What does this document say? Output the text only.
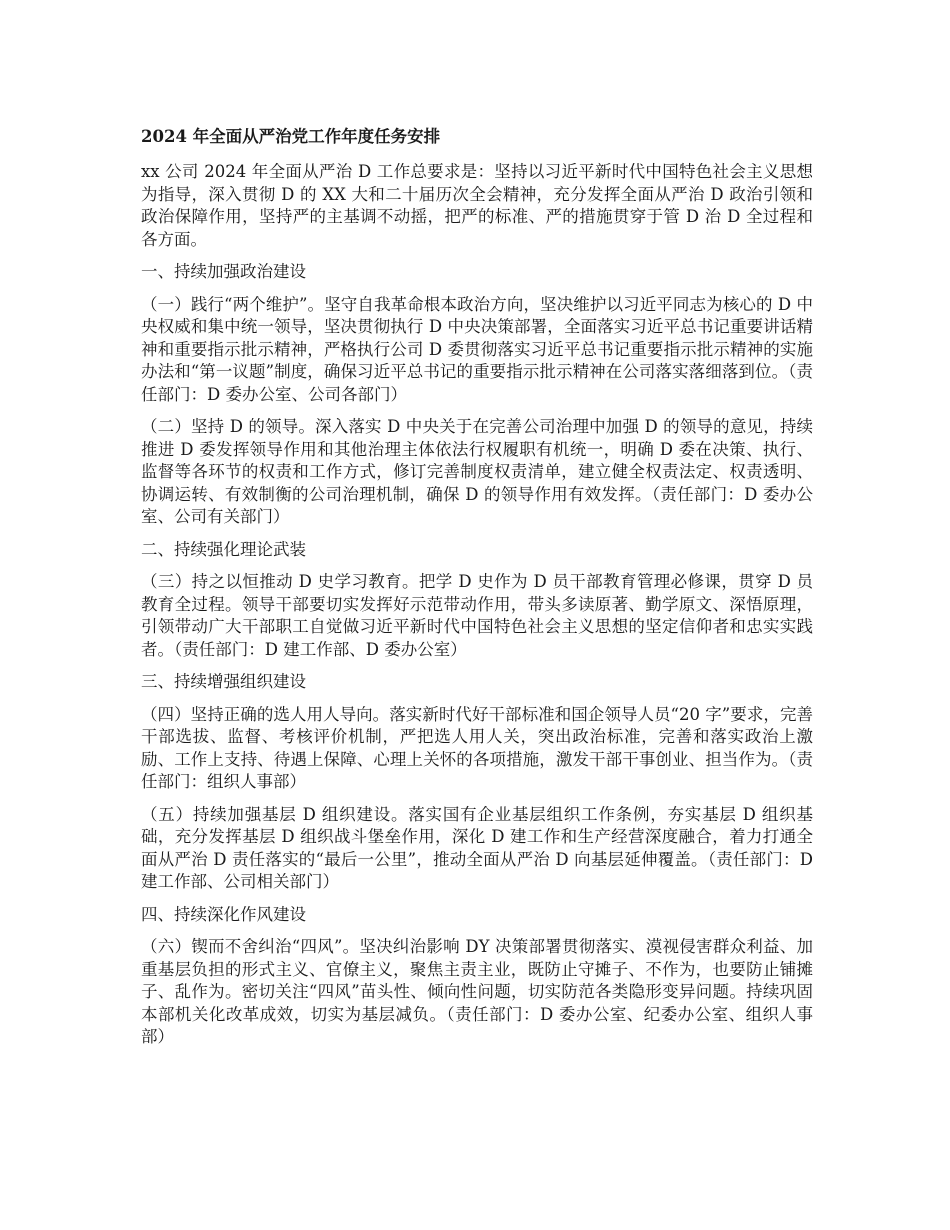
2024 年全面从严治党工作年度任务安排
xx 公司 2024 年全面从严治 D 工作总要求是：坚持以习近平新时代中国特色社会主义思想为指导，深入贯彻 D 的 XX 大和二十届历次全会精神，充分发挥全面从严治 D 政治引领和政治保障作用，坚持严的主基调不动摇，把严的标准、严的措施贯穿于管 D 治 D 全过程和各方面。
一、持续加强政治建设
（一）践行“两个维护”。坚守自我革命根本政治方向，坚决维护以习近平同志为核心的 D 中央权威和集中统一领导，坚决贯彻执行 D 中央决策部署，全面落实习近平总书记重要讲话精神和重要指示批示精神，严格执行公司 D 委贯彻落实习近平总书记重要指示批示精神的实施办法和“第一议题”制度，确保习近平总书记的重要指示批示精神在公司落实落细落到位。（责任部门：D 委办公室、公司各部门）
（二）坚持 D 的领导。深入落实 D 中央关于在完善公司治理中加强 D 的领导的意见，持续推进 D 委发挥领导作用和其他治理主体依法行权履职有机统一，明确 D 委在决策、执行、监督等各环节的权责和工作方式，修订完善制度权责清单，建立健全权责法定、权责透明、协调运转、有效制衡的公司治理机制，确保 D 的领导作用有效发挥。（责任部门：D 委办公室、公司有关部门）
二、持续强化理论武装
（三）持之以恒推动 D 史学习教育。把学 D 史作为 D 员干部教育管理必修课，贯穿 D 员教育全过程。领导干部要切实发挥好示范带动作用，带头多读原著、勤学原文、深悟原理，引领带动广大干部职工自觉做习近平新时代中国特色社会主义思想的坚定信仰者和忠实实践者。（责任部门：D 建工作部、D 委办公室）
三、持续增强组织建设
（四）坚持正确的选人用人导向。落实新时代好干部标准和国企领导人员“20 字”要求，完善干部选拔、监督、考核评价机制，严把选人用人关，突出政治标准，完善和落实政治上激励、工作上支持、待遇上保障、心理上关怀的各项措施，激发干部干事创业、担当作为。（责任部门：组织人事部）
（五）持续加强基层 D 组织建设。落实国有企业基层组织工作条例，夯实基层 D 组织基础，充分发挥基层 D 组织战斗堡垒作用，深化 D 建工作和生产经营深度融合，着力打通全面从严治 D 责任落实的“最后一公里”，推动全面从严治 D 向基层延伸覆盖。（责任部门：D 建工作部、公司相关部门）
四、持续深化作风建设
（六）锲而不舍纠治“四风”。坚决纠治影响 DY 决策部署贯彻落实、漠视侵害群众利益、加重基层负担的形式主义、官僚主义，聚焦主责主业，既防止守摊子、不作为，也要防止铺摊子、乱作为。密切关注“四风”苗头性、倾向性问题，切实防范各类隐形变异问题。持续巩固本部机关化改革成效，切实为基层减负。（责任部门：D 委办公室、纪委办公室、组织人事部）
